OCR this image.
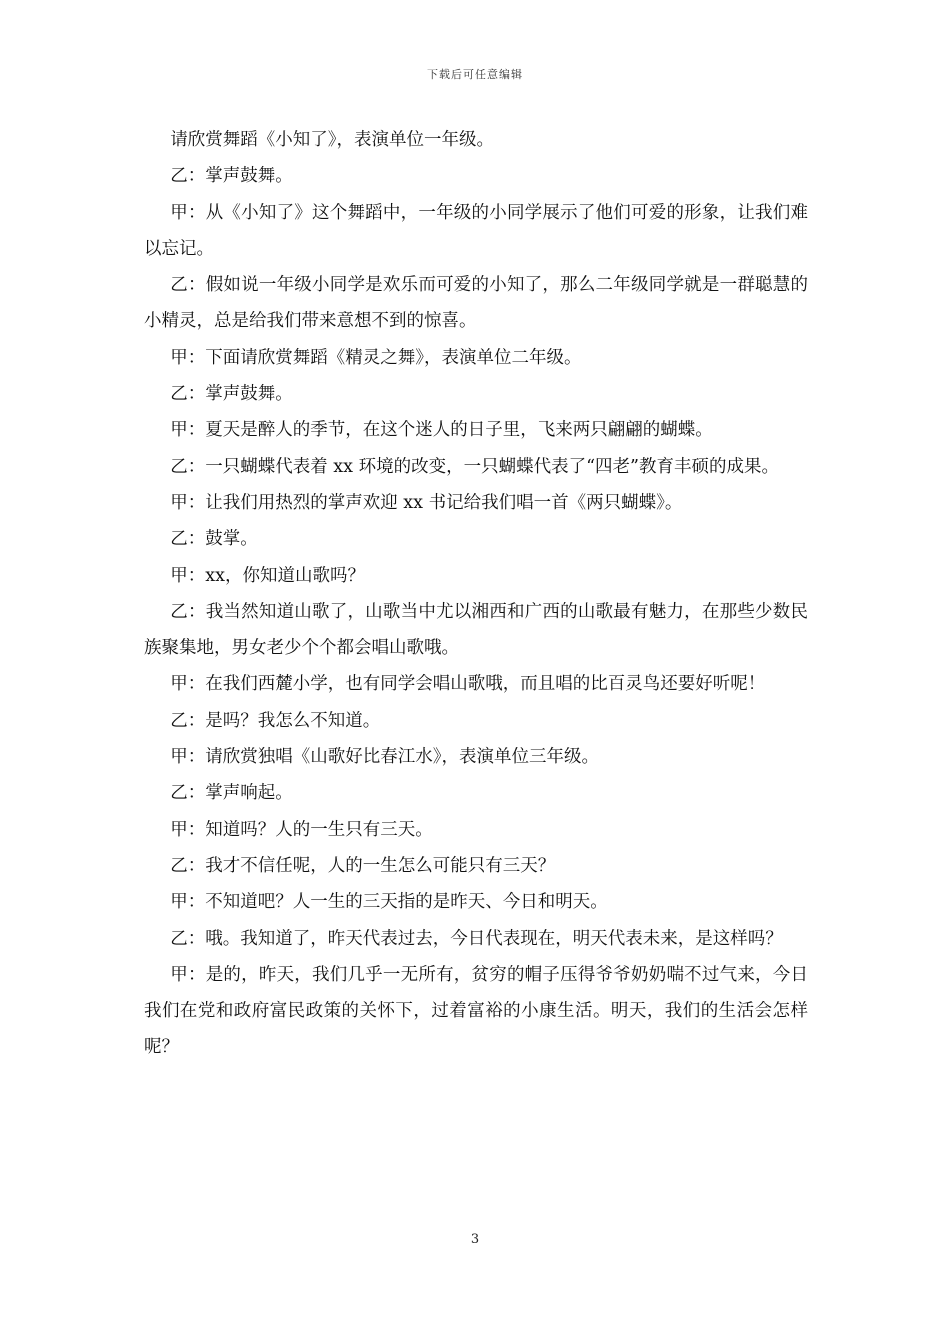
下载后可任意编辑

请欣赏舞蹈《小知了》，表演单位一年级。

乙：掌声鼓舞。

甲：从《小知了》这个舞蹈中，一年级的小同学展示了他们可爱的形象，让我们难以忘记。

乙：假如说一年级小同学是欢乐而可爱的小知了，那么二年级同学就是一群聪慧的小精灵，总是给我们带来意想不到的惊喜。

甲：下面请欣赏舞蹈《精灵之舞》，表演单位二年级。

乙：掌声鼓舞。

甲：夏天是醉人的季节，在这个迷人的日子里，飞来两只翩翩的蝴蝶。

乙：一只蝴蝶代表着 xx 环境的改变，一只蝴蝶代表了“四老”教育丰硕的成果。

甲：让我们用热烈的掌声欢迎 xx 书记给我们唱一首《两只蝴蝶》。

乙：鼓掌。

甲：xx，你知道山歌吗？

乙：我当然知道山歌了，山歌当中尤以湘西和广西的山歌最有魅力，在那些少数民族聚集地，男女老少个个都会唱山歌哦。

甲：在我们西麓小学，也有同学会唱山歌哦，而且唱的比百灵鸟还要好听呢！

乙：是吗？我怎么不知道。

甲：请欣赏独唱《山歌好比春江水》，表演单位三年级。

乙：掌声响起。

甲：知道吗？人的一生只有三天。

乙：我才不信任呢，人的一生怎么可能只有三天？

甲：不知道吧？人一生的三天指的是昨天、今日和明天。

乙：哦。我知道了，昨天代表过去，今日代表现在，明天代表未来，是这样吗？

甲：是的，昨天，我们几乎一无所有，贫穷的帽子压得爷爷奶奶喘不过气来，今日我们在党和政府富民政策的关怀下，过着富裕的小康生活。明天，我们的生活会怎样呢？

3
